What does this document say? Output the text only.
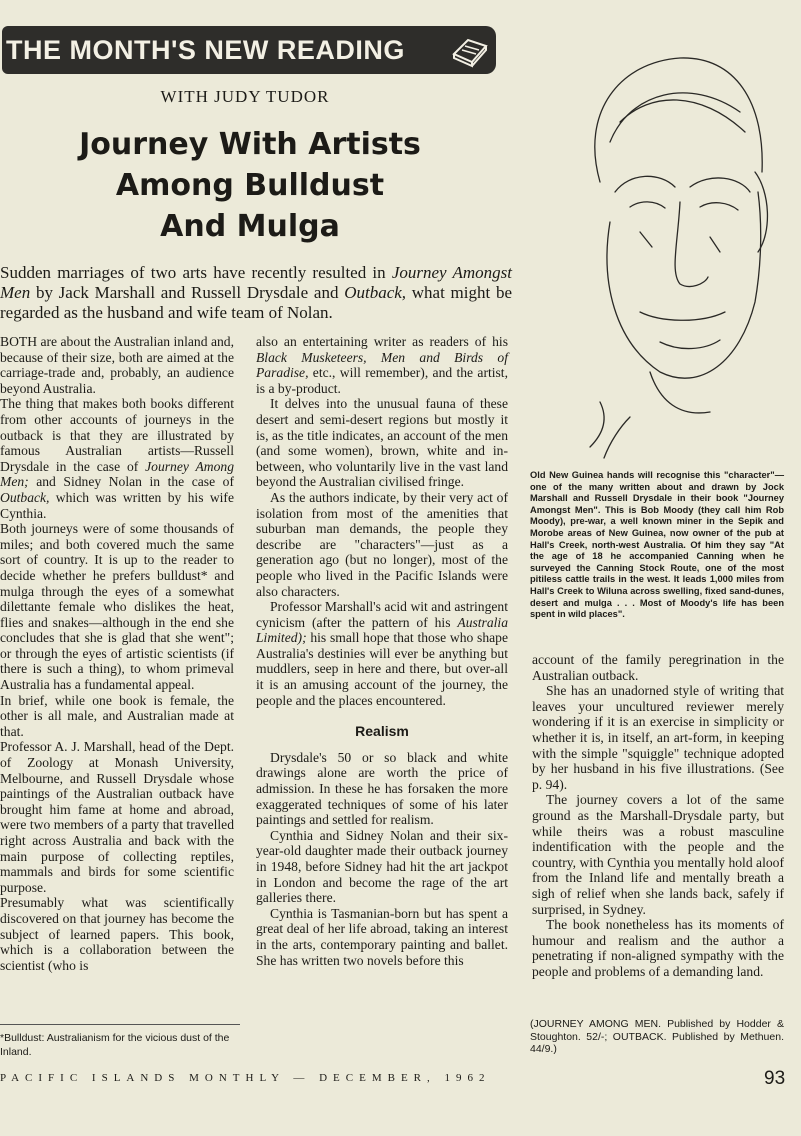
THE MONTH'S NEW READING
WITH JUDY TUDOR
Journey With Artists
Among Bulldust
And Mulga
Sudden marriages of two arts have recently resulted in Journey Amongst Men by Jack Marshall and Russell Drysdale and Outback, what might be regarded as the husband and wife team of Nolan.

BOTH are about the Australian inland and, because of their size, both are aimed at the carriage-trade and, probably, an audience beyond Australia.

The thing that makes both books different from other accounts of journeys in the outback is that they are illustrated by famous Australian artists—Russell Drysdale in the case of Journey Among Men; and Sidney Nolan in the case of Outback, which was written by his wife Cynthia.

Both journeys were of some thousands of miles; and both covered much the same sort of country. It is up to the reader to decide whether he prefers bulldust* and mulga through the eyes of a somewhat dilettante female who dislikes the heat, flies and snakes—although in the end she concludes that she is glad that she went"; or through the eyes of artistic scientists (if there is such a thing), to whom primeval Australia has a fundamental appeal.

In brief, while one book is female, the other is all male, and Australian made at that.

Professor A. J. Marshall, head of the Dept. of Zoology at Monash University, Melbourne, and Russell Drysdale whose paintings of the Australian outback have brought him fame at home and abroad, were two members of a party that travelled right across Australia and back with the main purpose of collecting reptiles, mammals and birds for some scientific purpose.

Presumably what was scientifically discovered on that journey has become the subject of learned papers. This book, which is a collaboration between the scientist (who is

also an entertaining writer as readers of his Black Musketeers, Men and Birds of Paradise, etc., will remember), and the artist, is a by-product.

It delves into the unusual fauna of these desert and semi-desert regions but mostly it is, as the title indicates, an account of the men (and some women), brown, white and in-between, who voluntarily live in the vast land beyond the Australian civilised fringe.

As the authors indicate, by their very act of isolation from most of the amenities that suburban man demands, the people they describe are "characters"—just as a generation ago (but no longer), most of the people who lived in the Pacific Islands were also characters.

Professor Marshall's acid wit and astringent cynicism (after the pattern of his Australia Limited); his small hope that those who shape Australia's destinies will ever be anything but muddlers, seep in here and there, but over-all it is an amusing account of the journey, the people and the places encountered.

Realism

Drysdale's 50 or so black and white drawings alone are worth the price of admission. In these he has forsaken the more exaggerated techniques of some of his later paintings and settled for realism.

Cynthia and Sidney Nolan and their six-year-old daughter made their outback journey in 1948, before Sidney had hit the art jackpot in London and become the rage of the art galleries there.

Cynthia is Tasmanian-born but has spent a great deal of her life abroad, taking an interest in the arts, contemporary painting and ballet. She has written two novels before this

Old New Guinea hands will recognise this "character"—one of the many written about and drawn by Jock Marshall and Russell Drysdale in their book "Journey Amongst Men". This is Bob Moody (they call him Rob Moody), pre-war, a well known miner in the Sepik and Morobe areas of New Guinea, now owner of the pub at Hall's Creek, north-west Australia. Of him they say "At the age of 18 he accompanied Canning when he surveyed the Canning Stock Route, one of the most pitiless cattle trails in the west. It leads 1,000 miles from Hall's Creek to Wiluna across swelling, fixed sand-dunes, desert and mulga . . . Most of Moody's life has been spent in wild places".

account of the family peregrination in the Australian outback.

She has an unadorned style of writing that leaves your uncultured reviewer merely wondering if it is an exercise in simplicity or whether it is, in itself, an art-form, in keeping with the simple "squiggle" technique adopted by her husband in his five illustrations. (See p. 94).

The journey covers a lot of the same ground as the Marshall-Drysdale party, but while theirs was a robust masculine indentification with the people and the country, with Cynthia you mentally hold aloof from the Inland life and mentally breath a sigh of relief when she lands back, safely if surprised, in Sydney.

The book nonetheless has its moments of humour and realism and the author a penetrating if non-aligned sympathy with the people and problems of a demanding land.

(JOURNEY AMONG MEN. Published by Hodder & Stoughton. 52/-; OUTBACK. Published by Methuen. 44/9.)
*Bulldust: Australianism for the vicious dust of the Inland.
PACIFIC ISLANDS MONTHLY — DECEMBER, 1962	93
